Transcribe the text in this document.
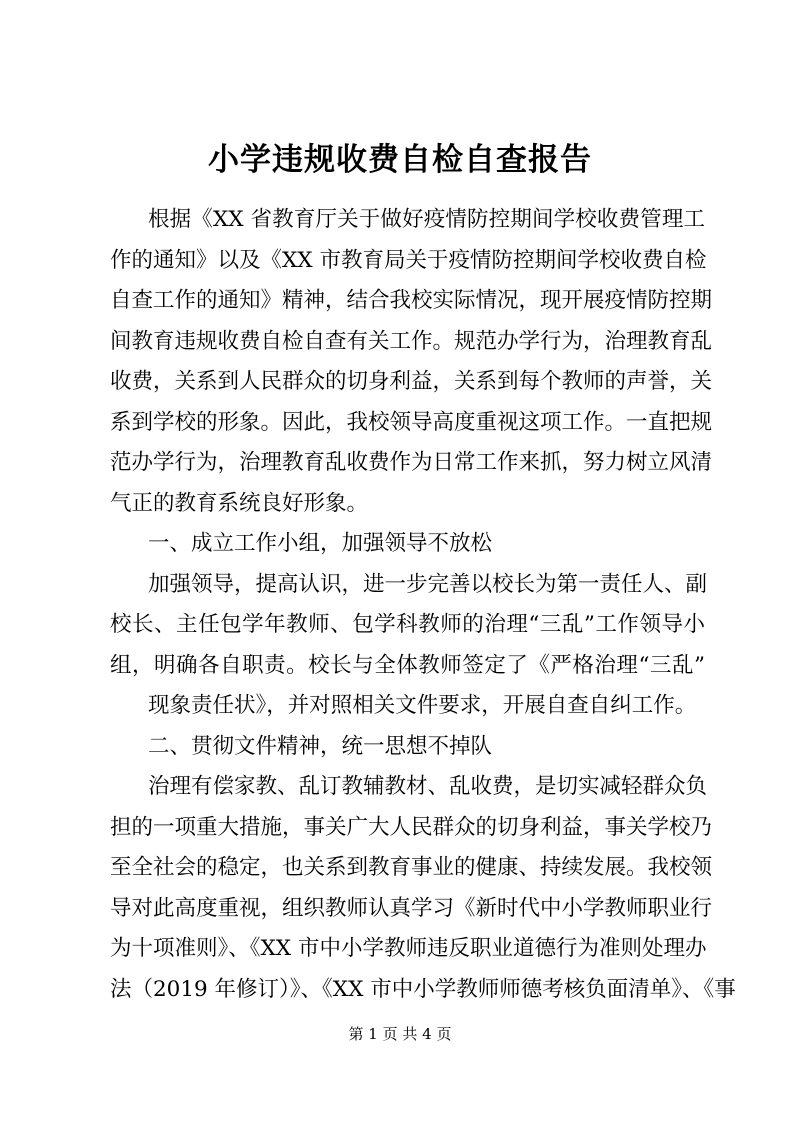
小学违规收费自检自查报告
根据《XX 省教育厅关于做好疫情防控期间学校收费管理工
作的通知》以及《XX 市教育局关于疫情防控期间学校收费自检
自查工作的通知》精神，结合我校实际情况，现开展疫情防控期
间教育违规收费自检自查有关工作。规范办学行为，治理教育乱
收费，关系到人民群众的切身利益，关系到每个教师的声誉，关
系到学校的形象。因此，我校领导高度重视这项工作。一直把规
范办学行为，治理教育乱收费作为日常工作来抓，努力树立风清
气正的教育系统良好形象。
一、成立工作小组，加强领导不放松
加强领导，提高认识，进一步完善以校长为第一责任人、副
校长、主任包学年教师、包学科教师的治理“三乱”工作领导小
组，明确各自职责。校长与全体教师签定了《严格治理“三乱”
现象责任状》，并对照相关文件要求，开展自查自纠工作。
二、贯彻文件精神，统一思想不掉队
治理有偿家教、乱订教辅教材、乱收费，是切实减轻群众负
担的一项重大措施，事关广大人民群众的切身利益，事关学校乃
至全社会的稳定，也关系到教育事业的健康、持续发展。我校领
导对此高度重视，组织教师认真学习《新时代中小学教师职业行
为十项准则》、《XX 市中小学教师违反职业道德行为准则处理办
法（2019 年修订）》、《XX 市中小学教师师德考核负面清单》、《事
第 1 页 共 4 页
